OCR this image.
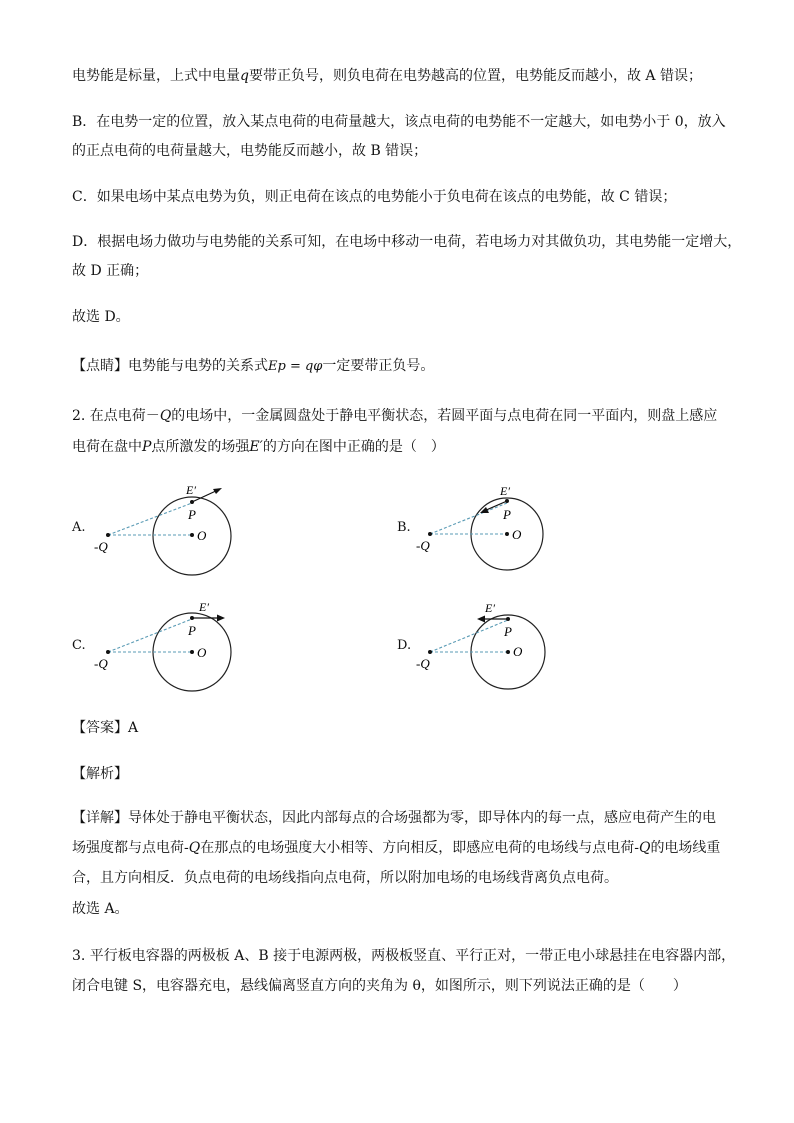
电势能是标量，上式中电量q要带正负号，则负电荷在电势越高的位置，电势能反而越小，故 A 错误；
B．在电势一定的位置，放入某点电荷的电荷量越大，该点电荷的电势能不一定越大，如电势小于 0，放入
的正点电荷的电荷量越大，电势能反而越小，故 B 错误；
C．如果电场中某点电势为负，则正电荷在该点的电势能小于负电荷在该点的电势能，故 C 错误；
D．根据电场力做功与电势能的关系可知，在电场中移动一电荷，若电场力对其做负功，其电势能一定增大，
故 D 正确；
故选 D。
【点睛】电势能与电势的关系式Ep = qφ一定要带正负号。
2. 在点电荷－Q的电场中，一金属圆盘处于静电平衡状态，若圆平面与点电荷在同一平面内，则盘上感应
电荷在盘中P点所激发的场强E′的方向在图中正确的是（　）
A.
E′
P
O
-Q
B.
E′
P
O
-Q
C.
E′
P
O
-Q
D.
E′
P
O
-Q
【答案】A
【解析】
【详解】导体处于静电平衡状态，因此内部每点的合场强都为零，即导体内的每一点，感应电荷产生的电
场强度都与点电荷-Q在那点的电场强度大小相等、方向相反，即感应电荷的电场线与点电荷-Q的电场线重
合，且方向相反．负点电荷的电场线指向点电荷，所以附加电场的电场线背离负点电荷。
故选 A。
3. 平行板电容器的两极板 A、B 接于电源两极，两极板竖直、平行正对，一带正电小球悬挂在电容器内部，
闭合电键 S，电容器充电，悬线偏离竖直方向的夹角为 θ，如图所示，则下列说法正确的是（　　）
